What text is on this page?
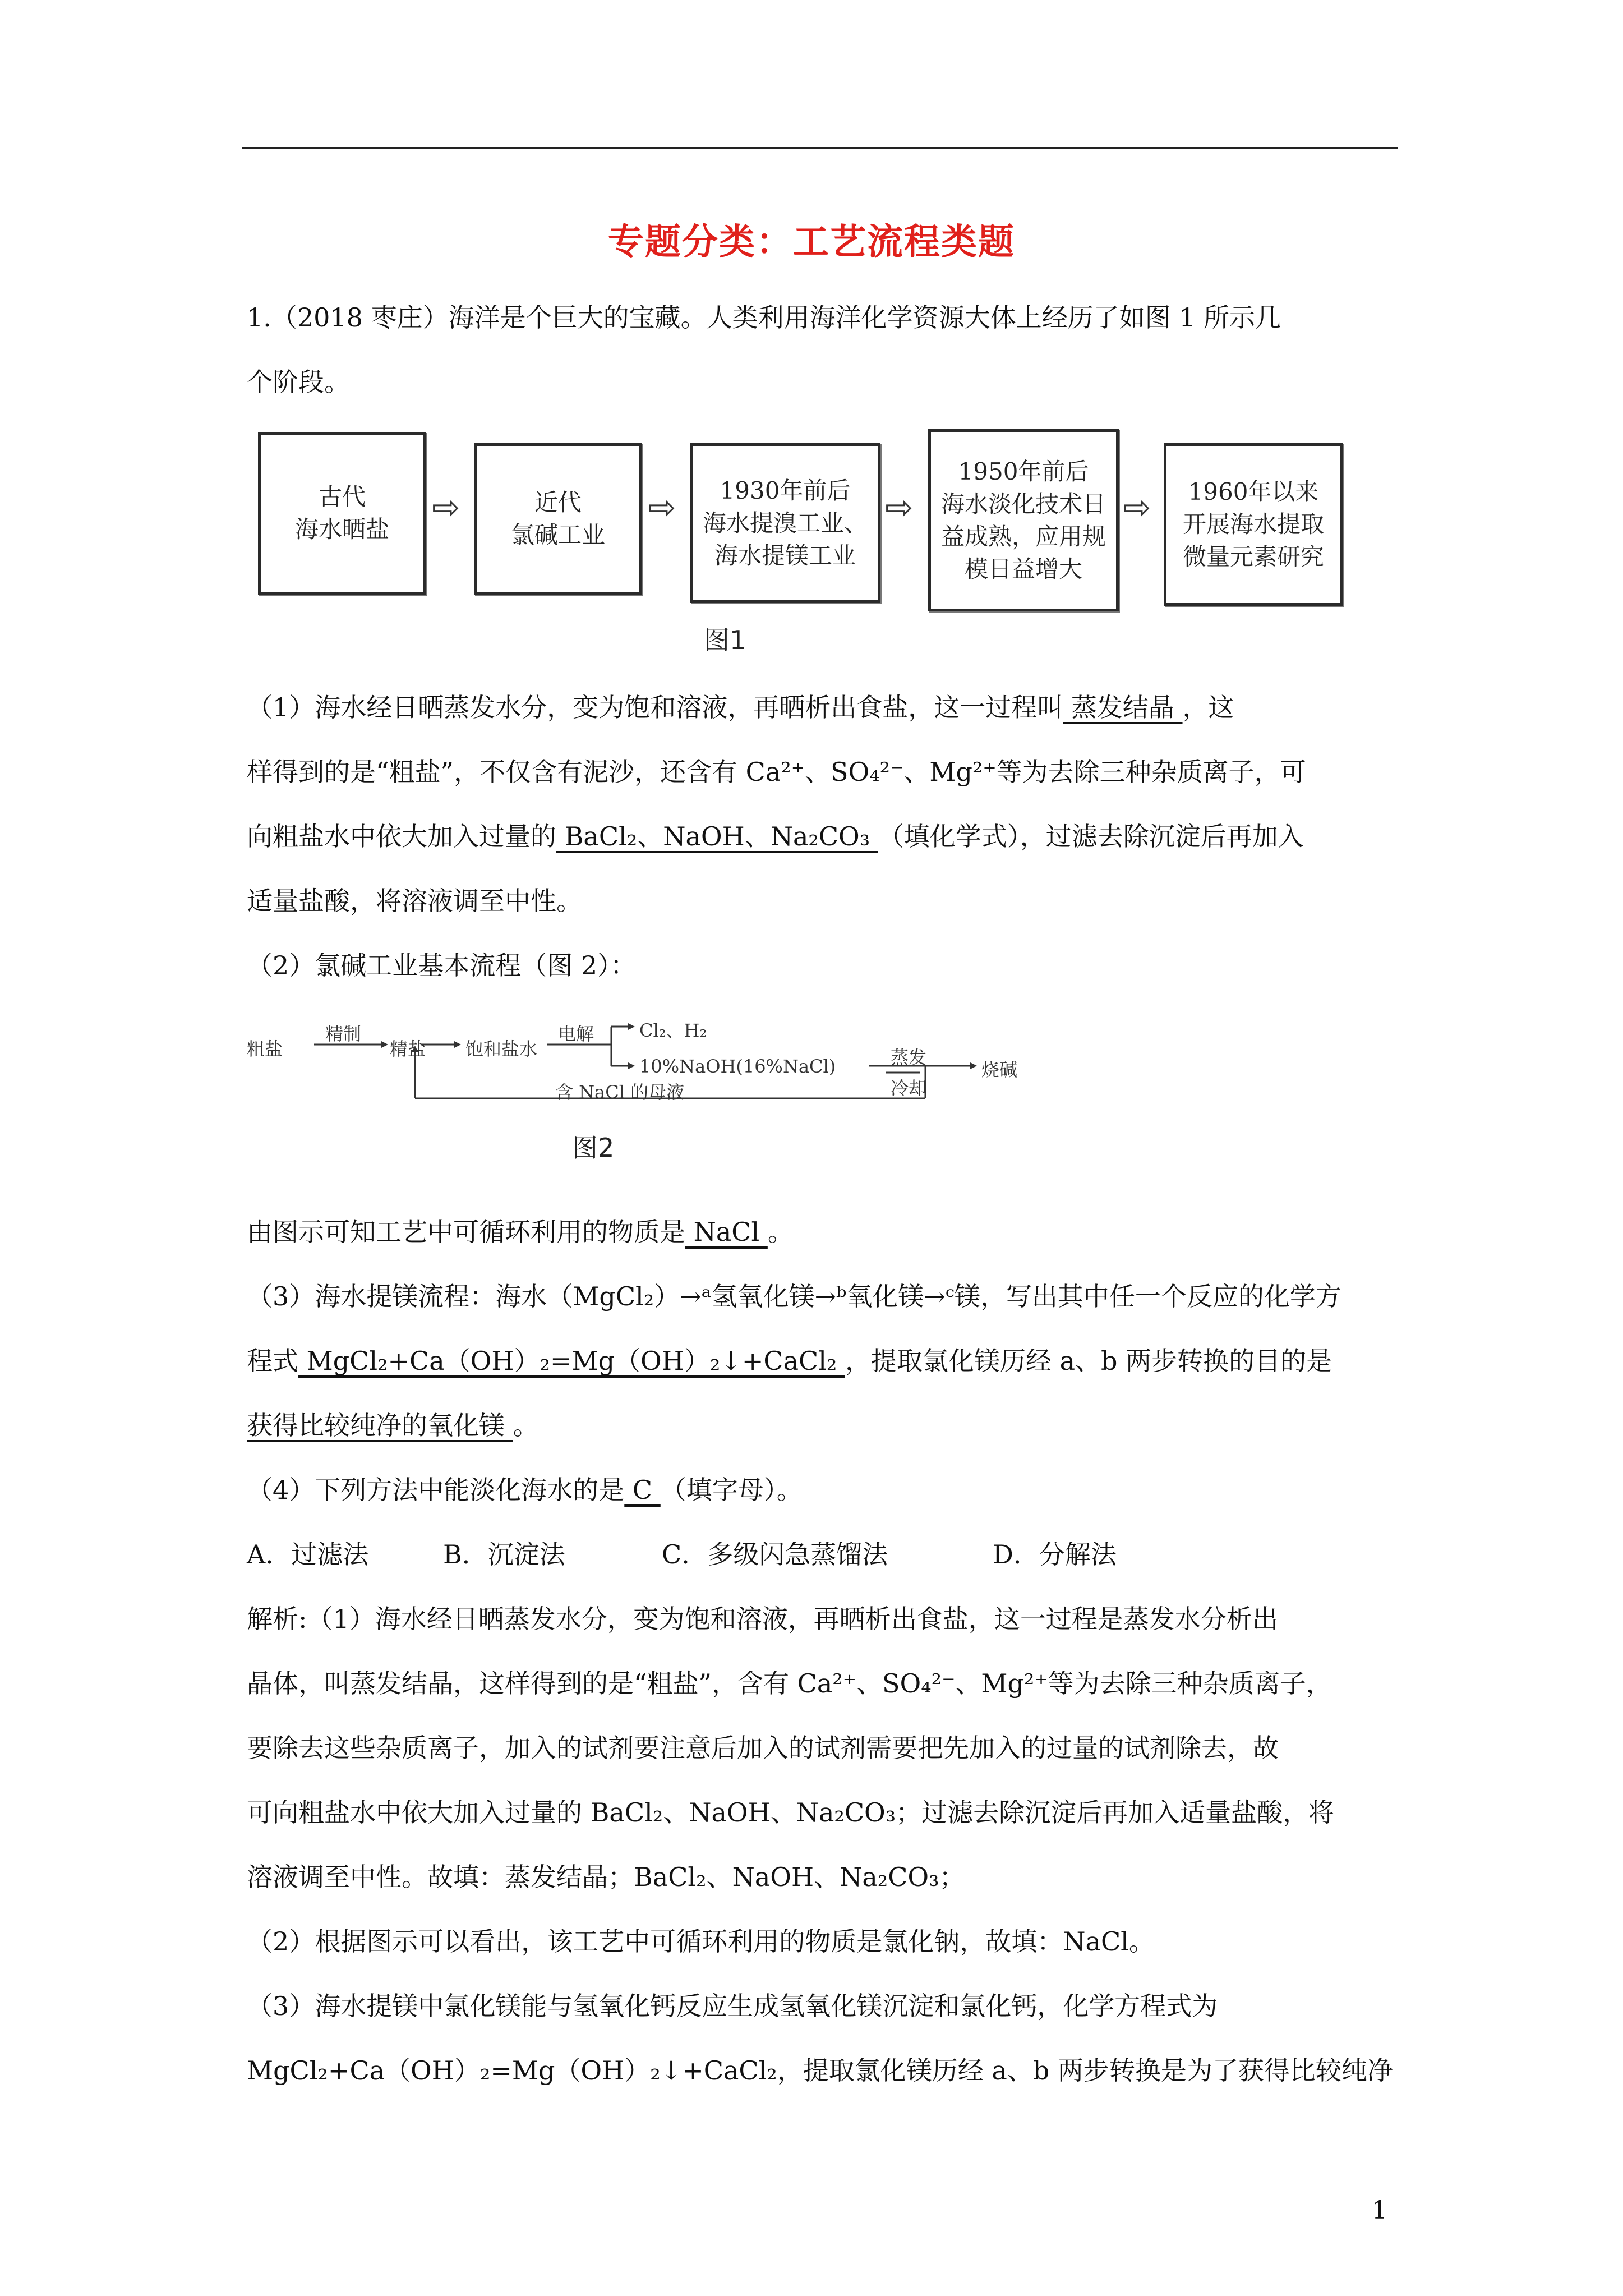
专题分类：工艺流程类题
1.（2018 枣庄）海洋是个巨大的宝藏。人类利用海洋化学资源大体上经历了如图 1 所示几
个阶段。
古代
海水晒盐
⇨	近代
氯碱工业
⇨	1930年前后
海水提溴工业、
海水提镁工业
⇨
1950年前后
海水淡化技术日
益成熟，应用规
模日益增大
⇨ 1960年以来
开展海水提取
微量元素研究
图1
（1）海水经日晒蒸发水分，变为饱和溶液，再晒析出食盐，这一过程叫 蒸发结晶 ，这
样得到的是“粗盐”，不仅含有泥沙，还含有 Ca²⁺、SO₄²⁻、Mg²⁺等为去除三种杂质离子，可
向粗盐水中依大加入过量的 BaCl₂、NaOH、Na₂CO₃ （填化学式），过滤去除沉淀后再加入
适量盐酸，将溶液调至中性。
（2）氯碱工业基本流程（图 2）：
粗盐
精制
精盐 饱和盐水
电解	Cl₂、H₂
10%NaOH(16%NaCl)	蒸发
冷却
烧碱
含 NaCl 的母液
图2
由图示可知工艺中可循环利用的物质是 NaCl 。
（3）海水提镁流程：海水（MgCl₂）→ᵃ氢氧化镁→ᵇ氧化镁→ᶜ镁，写出其中任一个反应的化学方
程式 MgCl₂+Ca（OH）₂=Mg（OH）₂↓+CaCl₂ ，提取氯化镁历经 a、b 两步转换的目的是
获得比较纯净的氧化镁 。
（4）下列方法中能淡化海水的是 C （填字母）。
A．过滤法	B．沉淀法	C．多级闪急蒸馏法	D．分解法
解析:（1）海水经日晒蒸发水分，变为饱和溶液，再晒析出食盐，这一过程是蒸发水分析出
晶体，叫蒸发结晶，这样得到的是“粗盐”，含有 Ca²⁺、SO₄²⁻、Mg²⁺等为去除三种杂质离子，
要除去这些杂质离子，加入的试剂要注意后加入的试剂需要把先加入的过量的试剂除去，故
可向粗盐水中依大加入过量的 BaCl₂、NaOH、Na₂CO₃；过滤去除沉淀后再加入适量盐酸，将
溶液调至中性。故填：蒸发结晶；BaCl₂、NaOH、Na₂CO₃；
（2）根据图示可以看出，该工艺中可循环利用的物质是氯化钠，故填：NaCl。
（3）海水提镁中氯化镁能与氢氧化钙反应生成氢氧化镁沉淀和氯化钙，化学方程式为
MgCl₂+Ca（OH）₂=Mg（OH）₂↓+CaCl₂，提取氯化镁历经 a、b 两步转换是为了获得比较纯净
1
